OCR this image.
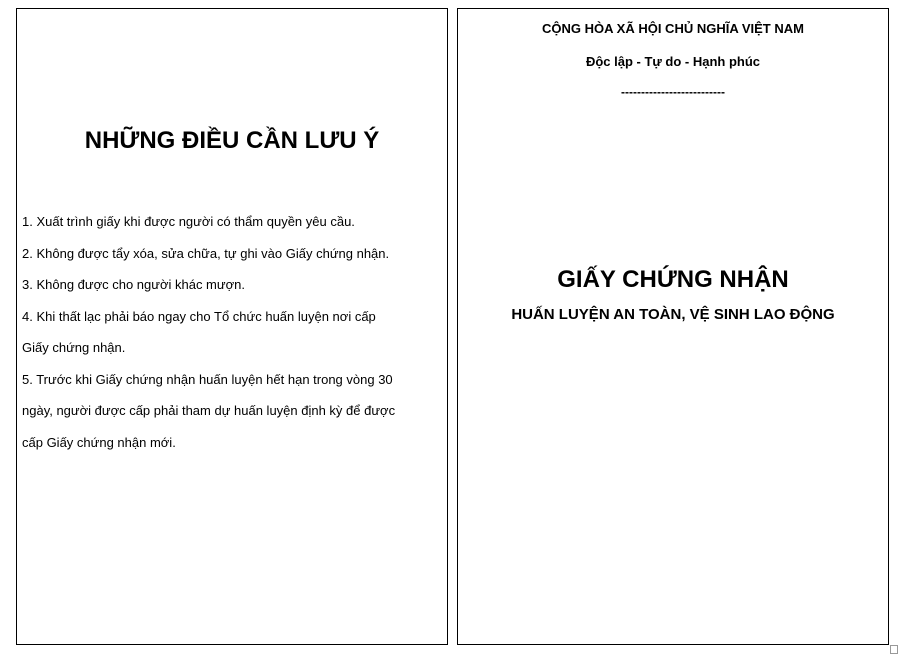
NHỮNG ĐIỀU CẦN LƯU Ý
1. Xuất trình giấy khi được người có thẩm quyền yêu cầu.
2. Không được tẩy xóa, sửa chữa, tự ghi vào Giấy chứng nhận.
3. Không được cho người khác mượn.
4. Khi thất lạc phải báo ngay cho Tổ chức huấn luyện nơi cấp
Giấy chứng nhận.
5. Trước khi Giấy chứng nhận huấn luyện hết hạn trong vòng 30
ngày, người được cấp phải tham dự huấn luyện định kỳ để được
cấp Giấy chứng nhận mới.
CỘNG HÒA XÃ HỘI CHỦ NGHĨA VIỆT NAM
Độc lập - Tự do - Hạnh phúc
--------------------------
GIẤY CHỨNG NHẬN
HUẤN LUYỆN AN TOÀN, VỆ SINH LAO ĐỘNG
